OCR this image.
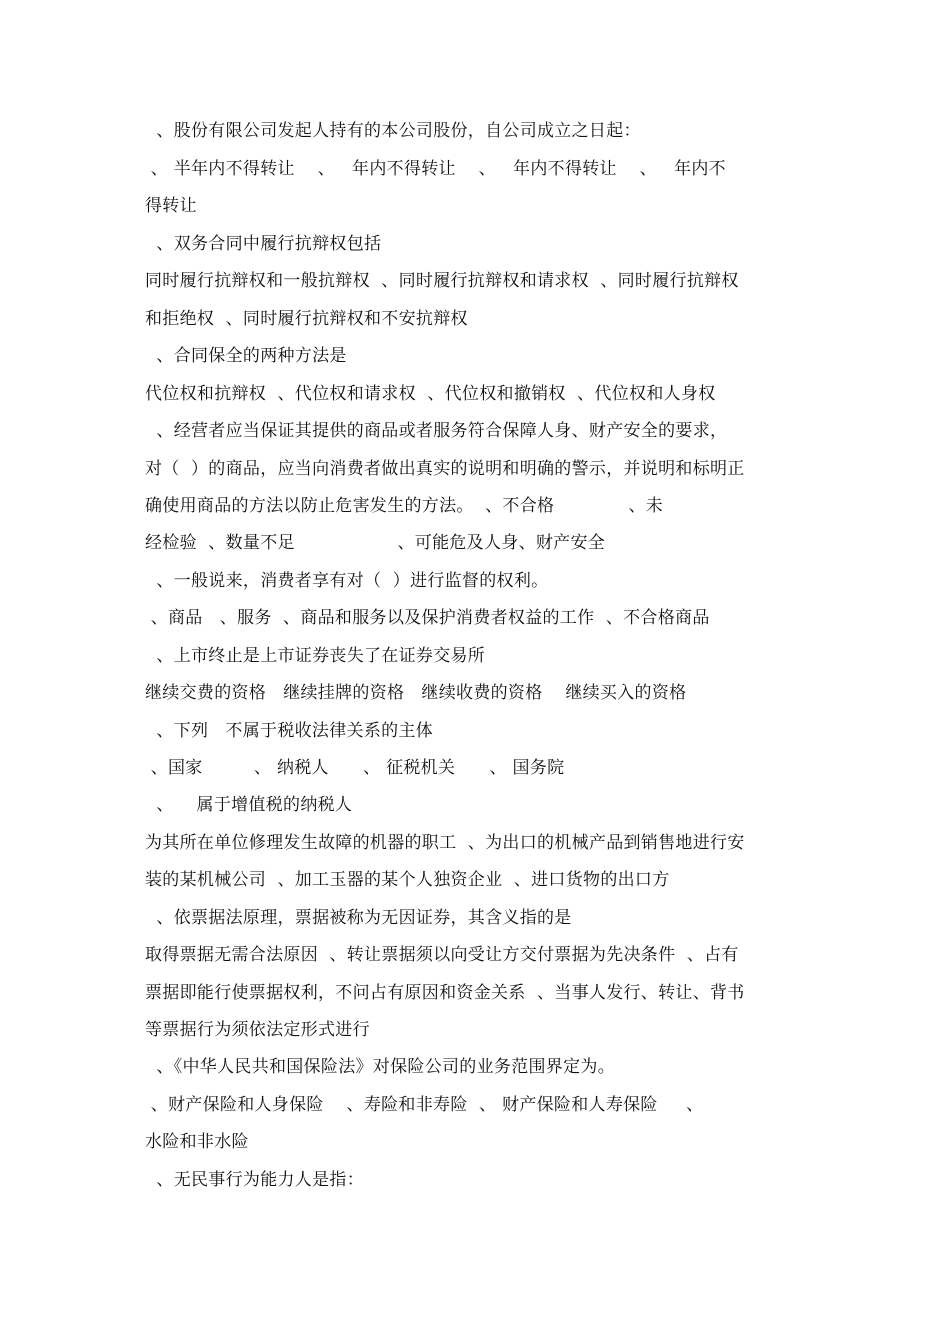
、股份有限公司发起人持有的本公司股份，自公司成立之日起：
、 半年内不得转让    、   年内不得转让    、   年内不得转让    、   年内不
得转让
、双务合同中履行抗辩权包括
同时履行抗辩权和一般抗辩权  、同时履行抗辩权和请求权  、同时履行抗辩权
和拒绝权  、同时履行抗辩权和不安抗辩权
、合同保全的两种方法是
代位权和抗辩权  、代位权和请求权  、代位权和撤销权  、代位权和人身权
、经营者应当保证其提供的商品或者服务符合保障人身、财产安全的要求，
对（  ）的商品，应当向消费者做出真实的说明和明确的警示，并说明和标明正
确使用商品的方法以防止危害发生的方法。  、不合格             、未
经检验  、数量不足                  、可能危及人身、财产安全
、一般说来，消费者享有对（  ）进行监督的权利。
、商品   、服务  、商品和服务以及保护消费者权益的工作  、不合格商品
、上市终止是上市证券丧失了在证券交易所
继续交费的资格   继续挂牌的资格   继续收费的资格    继续买入的资格
、下列   不属于税收法律关系的主体
、国家         、 纳税人      、 征税机关      、 国务院
、    属于增值税的纳税人
为其所在单位修理发生故障的机器的职工  、为出口的机械产品到销售地进行安
装的某机械公司  、加工玉器的某个人独资企业  、进口货物的出口方
、依票据法原理，票据被称为无因证券，其含义指的是
取得票据无需合法原因  、转让票据须以向受让方交付票据为先决条件  、占有
票据即能行使票据权利，不问占有原因和资金关系  、当事人发行、转让、背书
等票据行为须依法定形式进行
、《中华人民共和国保险法》对保险公司的业务范围界定为。
、财产保险和人身保险    、寿险和非寿险  、 财产保险和人寿保险     、
水险和非水险
、无民事行为能力人是指：
